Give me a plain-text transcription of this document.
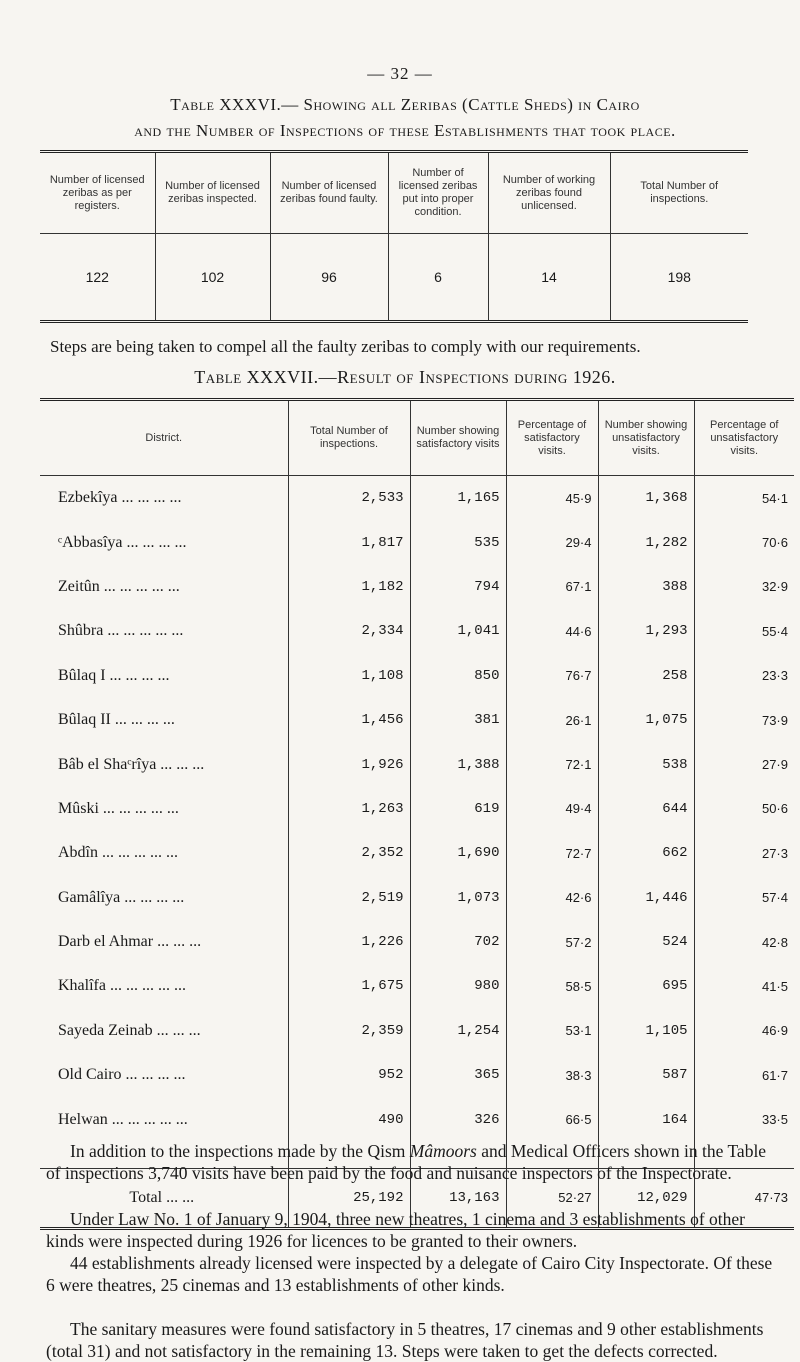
— 32 —
Table XXXVI.— Showing all Zeribas (Cattle Sheds) in Cairo
and the Number of Inspections of these Establishments that took place.
Number of licensed zeribas as per registers.	Number of licensed zeribas inspected.	Number of licensed zeribas found faulty.	Number of licensed zeribas put into proper condition.	Number of working zeribas found unlicensed.	Total Number of inspections.
122	102	96	6	14	198
Steps are being taken to compel all the faulty zeribas to comply with our requirements.
Table XXXVII.—Result of Inspections during 1926.
District.	Total Number of inspections.	Number showing satisfactory visits	Percentage of satisfactory visits.	Number showing unsatisfactory visits.	Percentage of unsatisfactory visits.
Ezbekîya ... ... ... ...	2,533	1,165	45·9	1,368	54·1
ᶜAbbasîya ... ... ... ...	1,817	535	29·4	1,282	70·6
Zeitûn ... ... ... ... ...	1,182	794	67·1	388	32·9
Shûbra ... ... ... ... ...	2,334	1,041	44·6	1,293	55·4
Bûlaq I ... ... ... ...	1,108	850	76·7	258	23·3
Bûlaq II ... ... ... ...	1,456	381	26·1	1,075	73·9
Bâb el Shaᶜrîya ... ... ...	1,926	1,388	72·1	538	27·9
Mûski ... ... ... ... ...	1,263	619	49·4	644	50·6
Abdîn ... ... ... ... ...	2,352	1,690	72·7	662	27·3
Gamâlîya ... ... ... ...	2,519	1,073	42·6	1,446	57·4
Darb el Ahmar ... ... ...	1,226	702	57·2	524	42·8
Khalîfa ... ... ... ... ...	1,675	980	58·5	695	41·5
Sayeda Zeinab ... ... ...	2,359	1,254	53·1	1,105	46·9
Old Cairo ... ... ... ...	952	365	38·3	587	61·7
Helwan ... ... ... ... ...	490	326	66·5	164	33·5

Total ... ...	25,192	13,163	52·27	12,029	47·73

In addition to the inspections made by the Qism Mâmoors and Medical Officers shown in the Table of inspections 3,740 visits have been paid by the food and nuisance inspectors of the Inspectorate.

Under Law No. 1 of January 9, 1904, three new theatres, 1 cinema and 3 establishments of other kinds were inspected during 1926 for licences to be granted to their owners.

44 establishments already licensed were inspected by a delegate of Cairo City Inspectorate. Of these 6 were theatres, 25 cinemas and 13 establishments of other kinds.

The sanitary measures were found satisfactory in 5 theatres, 17 cinemas and 9 other establishments (total 31) and not satisfactory in the remaining 13. Steps were taken to get the defects corrected.
